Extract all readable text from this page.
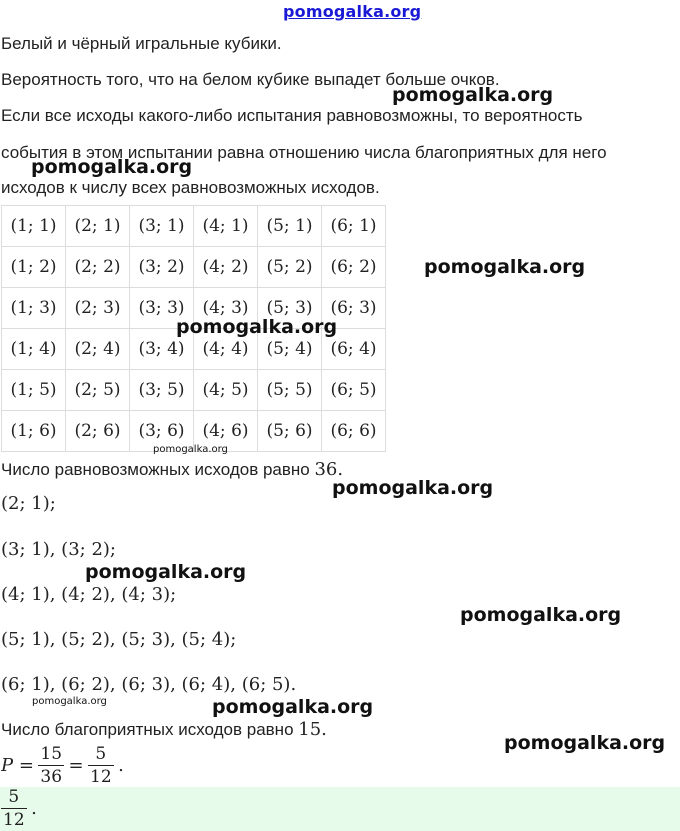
pomogalka.org
Белый и чёрный игральные кубики.
Вероятность того, что на белом кубике выпадет больше очков.
Если все исходы какого-либо испытания равновозможны, то вероятность
события в этом испытании равна отношению числа благоприятных для него
исходов к числу всех равновозможных исходов.
(1; 1)	(2; 1)	(3; 1)	(4; 1)	(5; 1)	(6; 1)
(1; 2)	(2; 2)	(3; 2)	(4; 2)	(5; 2)	(6; 2)
(1; 3)	(2; 3)	(3; 3)	(4; 3)	(5; 3)	(6; 3)
(1; 4)	(2; 4)	(3; 4)	(4; 4)	(5; 4)	(6; 4)
(1; 5)	(2; 5)	(3; 5)	(4; 5)	(5; 5)	(6; 5)
(1; 6)	(2; 6)	(3; 6)	(4; 6)	(5; 6)	(6; 6)
Число равновозможных исходов равно 36.
(2; 1);
(3; 1), (3; 2);
(4; 1), (4; 2), (4; 3);
(5; 1), (5; 2), (5; 3), (5; 4);
(6; 1), (6; 2), (6; 3), (6; 4), (6; 5).
Число благоприятных исходов равно 15.
$P = \frac{15}{36} = \frac{5}{12}$ .
$\frac{5}{12}$ .
pomogalka.org
pomogalka.org
pomogalka.org
pomogalka.org
pomogalka.org
pomogalka.org
pomogalka.org
pomogalka.org
pomogalka.org	pomogalka.org
pomogalka.org
